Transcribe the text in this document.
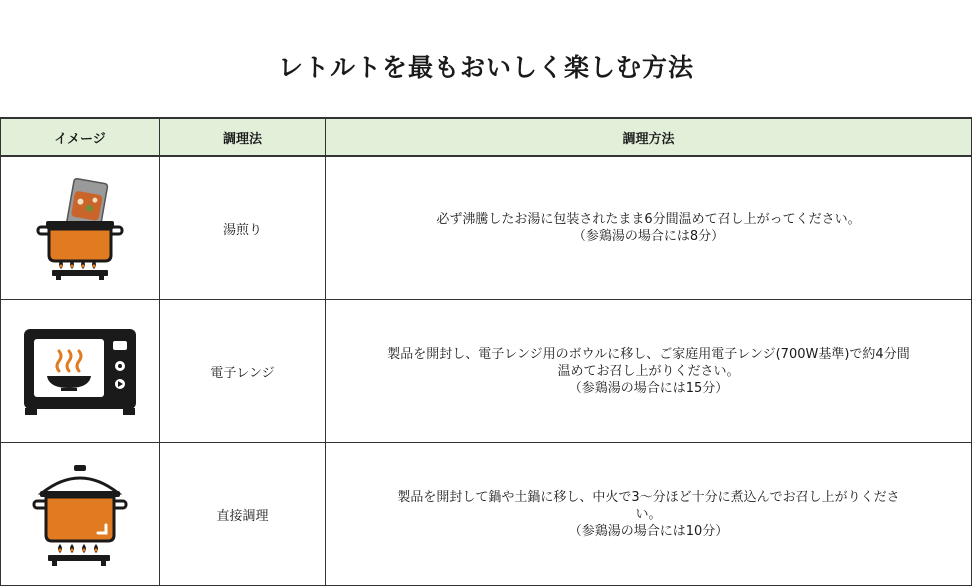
レトルトを最もおいしく楽しむ方法
イメージ	調理法	調理方法

	湯煎り	必ず沸騰したお湯に包装されたまま6分間温めて召し上がってください。
（参鶏湯の場合には8分）

	電子レンジ	製品を開封し、電子レンジ用のボウルに移し、ご家庭用電子レンジ(700W基準)で約4分間
温めてお召し上がりください。
（参鶏湯の場合には15分）

	直接調理	製品を開封して鍋や土鍋に移し、中火で3～分ほど十分に煮込んでお召し上がりくださ
い。
（参鶏湯の場合には10分）
